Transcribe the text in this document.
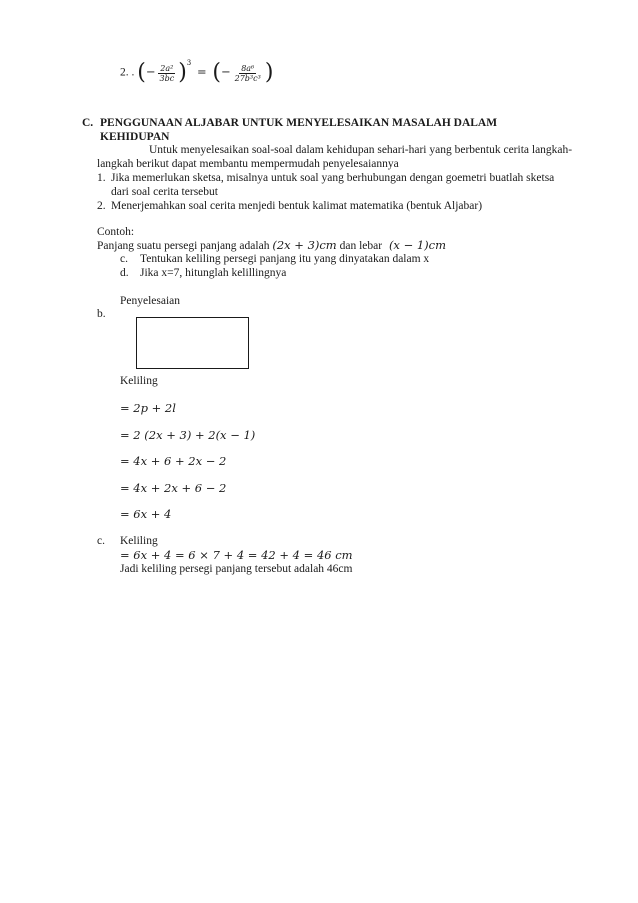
2. . (− $\frac{\text{2a²}}{3bc} )^3$  = (− $\frac{\text{8a⁶}}{\text{27b³c³}}$ )
C. PENGGUNAAN ALJABAR UNTUK MENYELESAIKAN MASALAH DALAM
KEHIDUPAN
Untuk menyelesaikan soal-soal dalam kehidupan sehari-hari yang berbentuk cerita langkah-
langkah berikut dapat membantu mempermudah penyelesaiannya
1. Jika memerlukan sketsa, misalnya untuk soal yang berhubungan dengan goemetri buatlah sketsa
dari soal cerita tersebut
2. Menerjemahkan soal cerita menjedi bentuk kalimat matematika (bentuk Aljabar)
Contoh:
Panjang suatu persegi panjang adalah (2x + 3)cm dan lebar (x − 1)cm
c. Tentukan keliling persegi panjang itu yang dinyatakan dalam x
d. Jika x=7, hitunglah kelillingnya
Penyelesaian
b.
Keliling
= 2p + 2l
= 2 (2x + 3) + 2(x − 1)
= 4x + 6 + 2x − 2
= 4x + 2x + 6 − 2
= 6x + 4
c. Keliling
= 6x + 4 = 6 × 7 + 4 = 42 + 4 = 46 cm
Jadi keliling persegi panjang tersebut adalah 46cm
